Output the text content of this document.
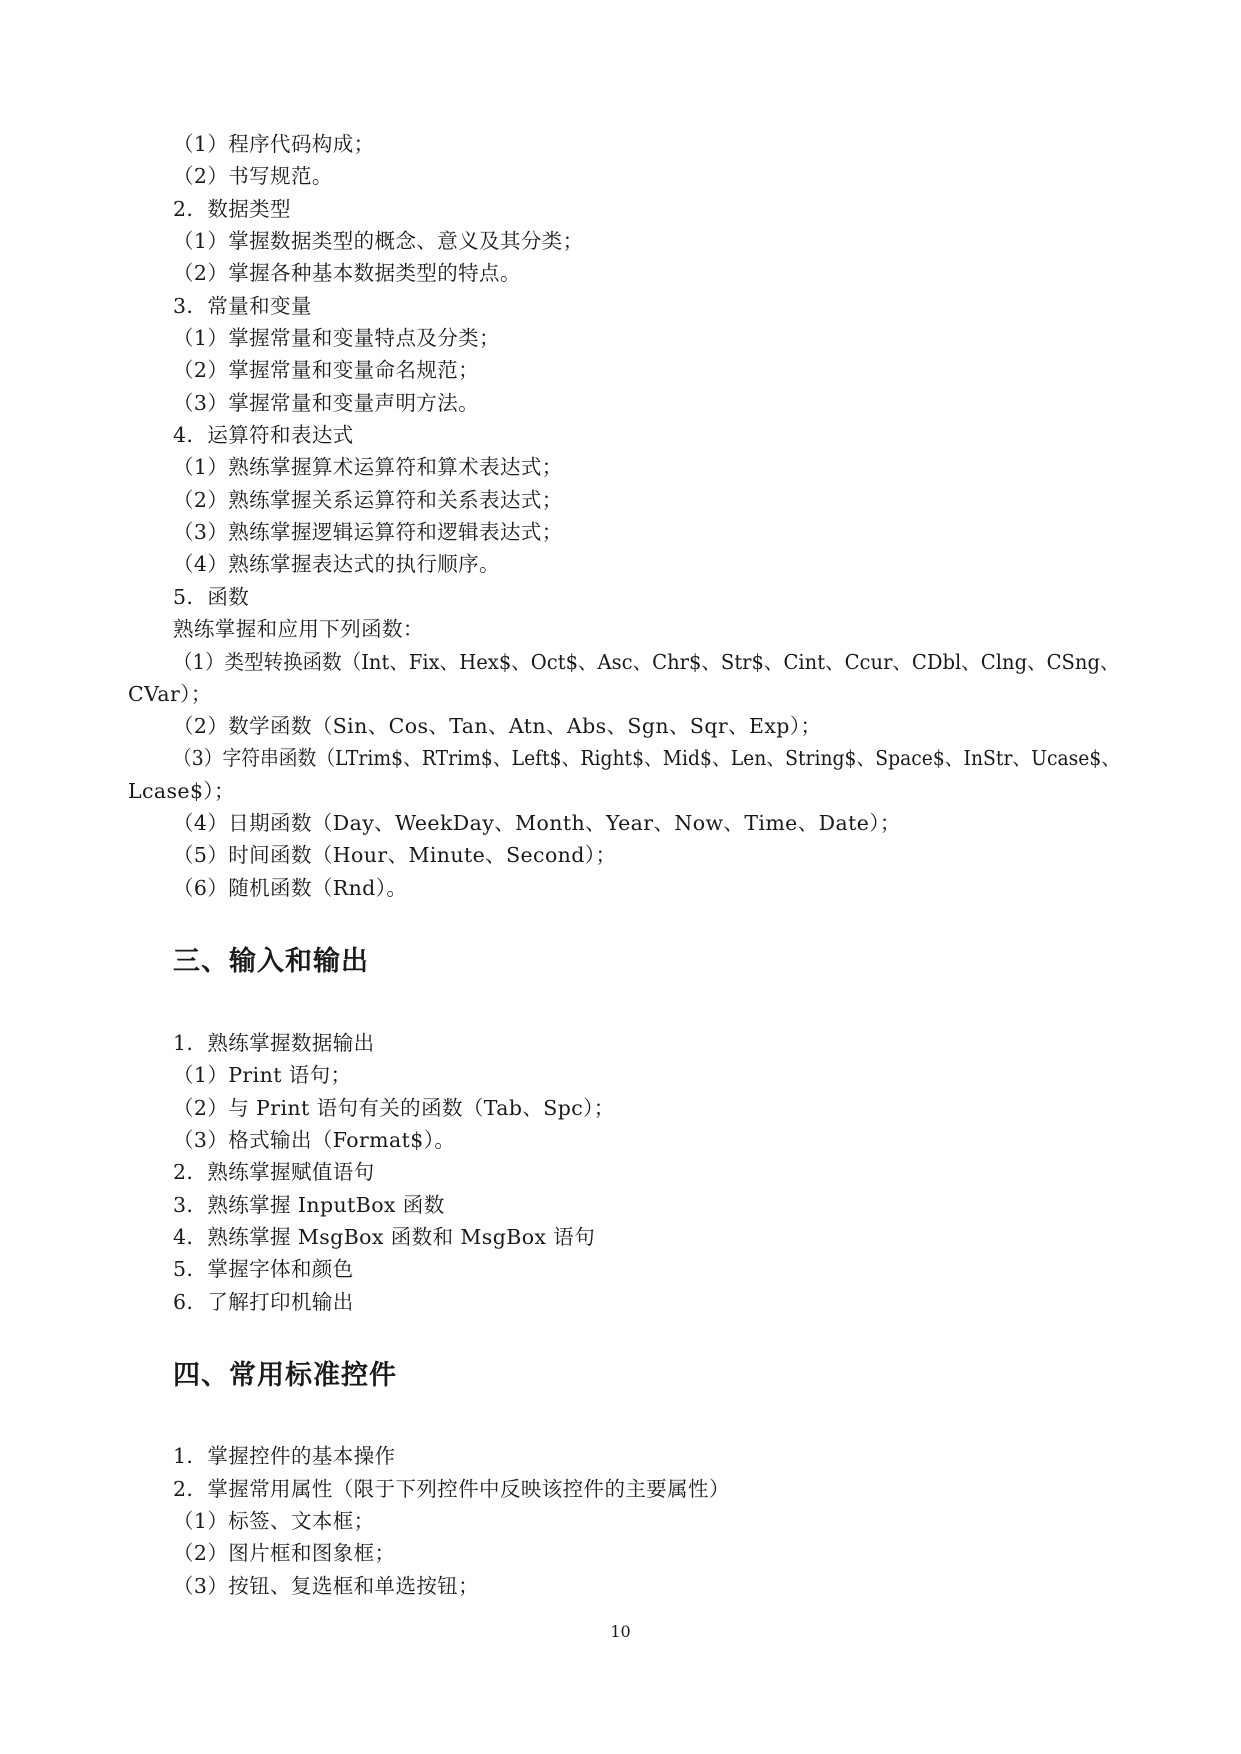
（1）程序代码构成；
（2）书写规范。
2．数据类型
（1）掌握数据类型的概念、意义及其分类；
（2）掌握各种基本数据类型的特点。
3．常量和变量
（1）掌握常量和变量特点及分类；
（2）掌握常量和变量命名规范；
（3）掌握常量和变量声明方法。
4．运算符和表达式
（1）熟练掌握算术运算符和算术表达式；
（2）熟练掌握关系运算符和关系表达式；
（3）熟练掌握逻辑运算符和逻辑表达式；
（4）熟练掌握表达式的执行顺序。
5．函数
熟练掌握和应用下列函数：
（1）类型转换函数（Int、Fix、Hex$、Oct$、Asc、Chr$、Str$、Cint、Ccur、CDbl、Clng、CSng、
CVar）；
（2）数学函数（Sin、Cos、Tan、Atn、Abs、Sgn、Sqr、Exp）；
（3）字符串函数（LTrim$、RTrim$、Left$、Right$、Mid$、Len、String$、Space$、InStr、Ucase$、
Lcase$）；
（4）日期函数（Day、WeekDay、Month、Year、Now、Time、Date）；
（5）时间函数（Hour、Minute、Second）；
（6）随机函数（Rnd）。
三、输入和输出
1．熟练掌握数据输出
（1）Print 语句；
（2）与 Print 语句有关的函数（Tab、Spc）；
（3）格式输出（Format$）。
2．熟练掌握赋值语句
3．熟练掌握 InputBox 函数
4．熟练掌握 MsgBox 函数和 MsgBox 语句
5．掌握字体和颜色
6．了解打印机输出
四、常用标准控件
1．掌握控件的基本操作
2．掌握常用属性（限于下列控件中反映该控件的主要属性）
（1）标签、文本框；
（2）图片框和图象框；
（3）按钮、复选框和单选按钮；
10
